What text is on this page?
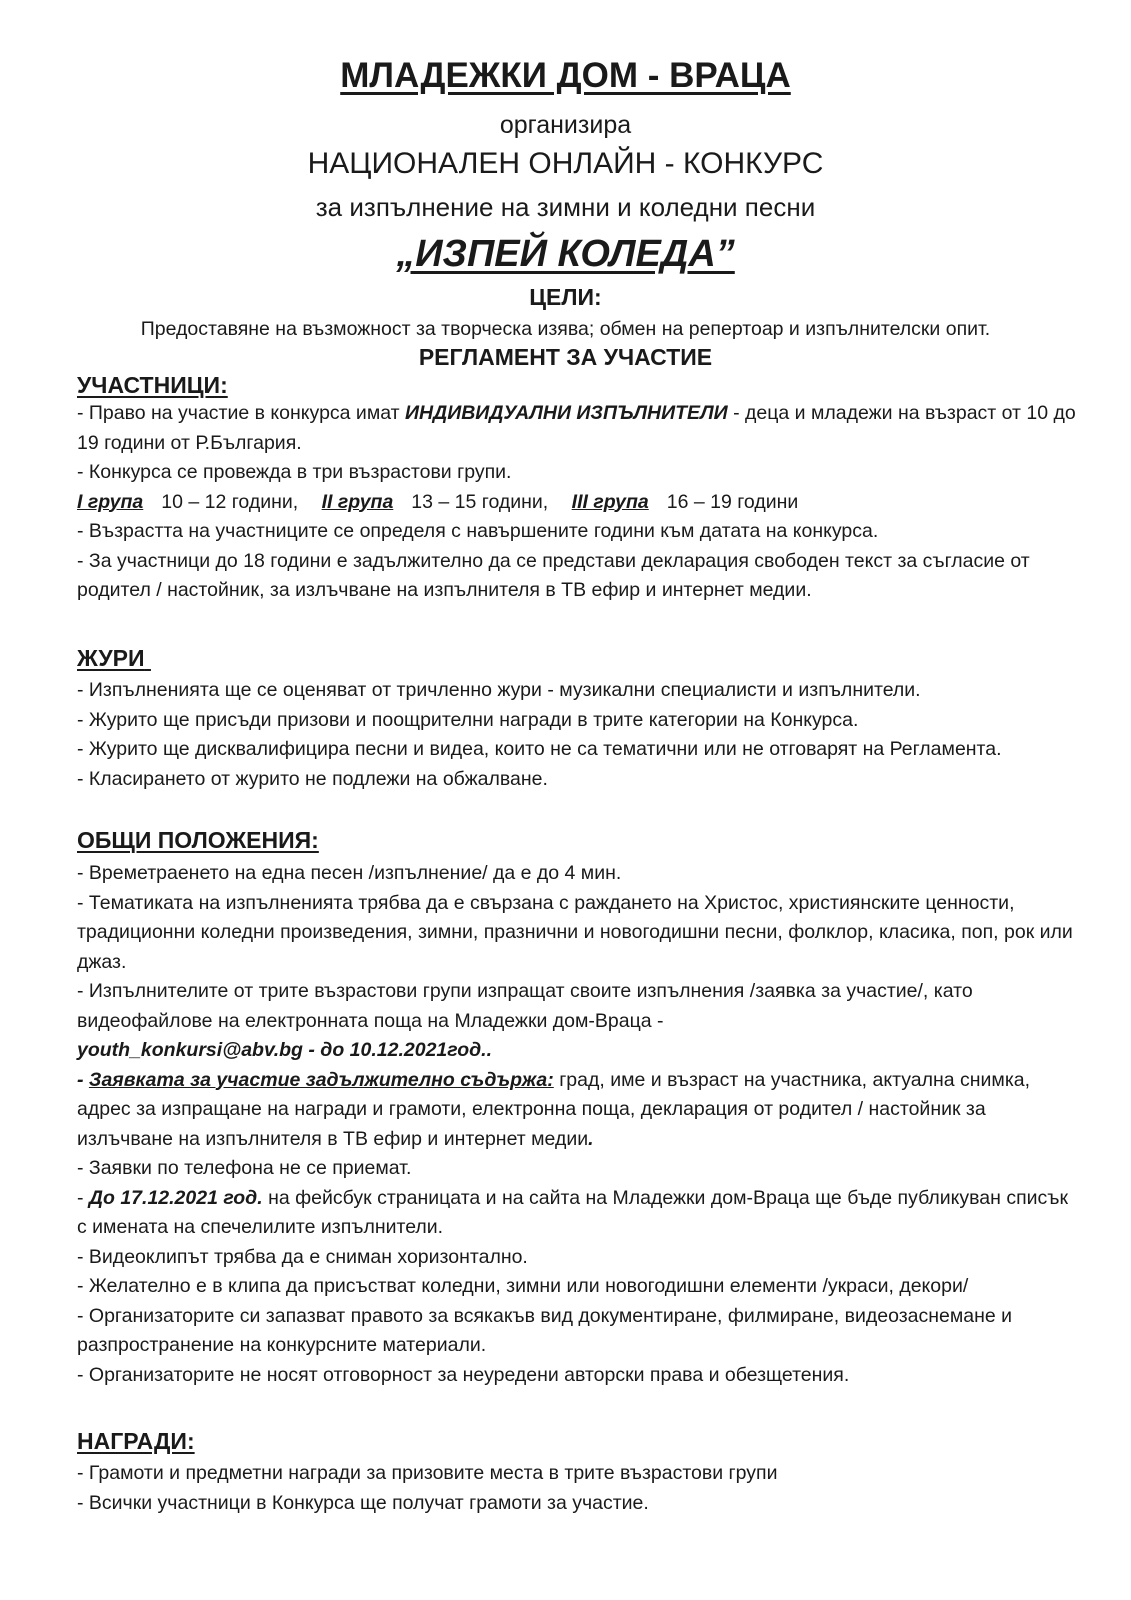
МЛАДЕЖКИ ДОМ - ВРАЦА
организира
НАЦИОНАЛЕН ОНЛАЙН - КОНКУРС
за изпълнение на зимни и коледни песни
„ИЗПЕЙ КОЛЕДА”
ЦЕЛИ:
Предоставяне на възможност за творческа изява; обмен на репертоар и изпълнителски опит.
РЕГЛАМЕНТ ЗА УЧАСТИЕ
УЧАСТНИЦИ:

- Право на участие в конкурса имат ИНДИВИДУАЛНИ ИЗПЪЛНИТЕЛИ - деца и младежи на възраст от 10 до 19 години от Р.България.

- Конкурса се провежда в три възрастови групи.

I група 10 – 12 години, II група 13 – 15 години, III група 16 – 19 години

- Възрастта на участниците се определя с навършените години към датата на конкурса.

- За участници до 18 години е задължително да се представи декларация свободен текст за съгласие от родител / настойник, за излъчване на изпълнителя в ТВ ефир и интернет медии.

ЖУРИ

- Изпълненията ще се оценяват от тричленно жури - музикални специалисти и изпълнители.

- Журито ще присъди призови и поощрителни награди в трите категории на Конкурса.

- Журито ще дисквалифицира песни и видеа, които не са тематични или не отговарят на Регламента.

- Класирането от журито не подлежи на обжалване.

ОБЩИ ПОЛОЖЕНИЯ:

- Времетраенето на една песен /изпълнение/ да е до 4 мин.

- Тематиката на изпълненията трябва да е свързана с раждането на Христос, християнските ценности, традиционни коледни произведения, зимни, празнични и новогодишни песни, фолклор, класика, поп, рок или джаз.

- Изпълнителите от трите възрастови групи изпращат своите изпълнения /заявка за участие/, като видеофайлове на електронната поща на Младежки дом-Враца -

youth_konkursi@abv.bg - до 10.12.2021год..

- Заявката за участие задължително съдържа: град, име и възраст на участника, актуална снимка, адрес за изпращане на награди и грамоти, електронна поща, декларация от родител / настойник за излъчване на изпълнителя в ТВ ефир и интернет медии.

- Заявки по телефона не се приемат.

- До 17.12.2021 год. на фейсбук страницата и на сайта на Младежки дом-Враца ще бъде публикуван списък с имената на спечелилите изпълнители.

- Видеоклипът трябва да е сниман хоризонтално.

- Желателно е в клипа да присъстват коледни, зимни или новогодишни елементи /украси, декори/

- Организаторите си запазват правото за всякакъв вид документиране, филмиране, видеозаснемане и разпространение на конкурсните материали.

- Организаторите не носят отговорност за неуредени авторски права и обезщетения.

НАГРАДИ:

- Грамоти и предметни награди за призовите места в трите възрастови групи

- Всички участници в Конкурса ще получат грамоти за участие.
